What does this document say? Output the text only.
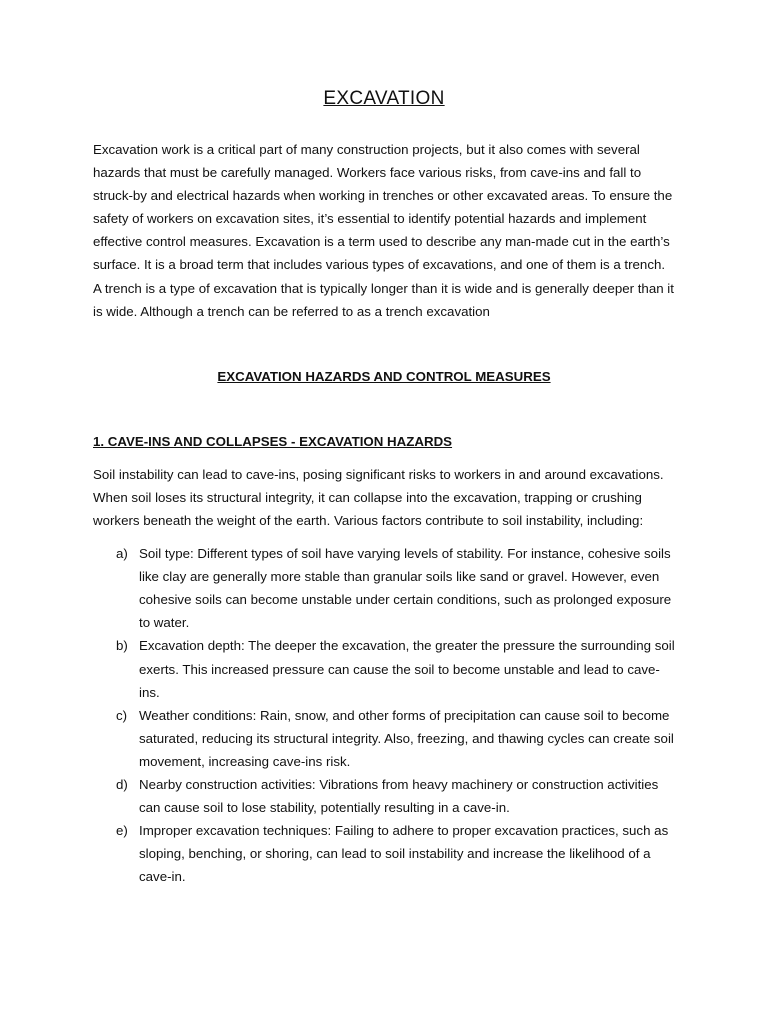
EXCAVATION

Excavation work is a critical part of many construction projects, but it also comes with several hazards that must be carefully managed. Workers face various risks, from cave-ins and fall to struck-by and electrical hazards when working in trenches or other excavated areas. To ensure the safety of workers on excavation sites, it’s essential to identify potential hazards and implement effective control measures. Excavation is a term used to describe any man-made cut in the earth’s surface. It is a broad term that includes various types of excavations, and one of them is a trench. A trench is a type of excavation that is typically longer than it is wide and is generally deeper than it is wide. Although a trench can be referred to as a trench excavation

EXCAVATION HAZARDS AND CONTROL MEASURES
1. CAVE-INS AND COLLAPSES - EXCAVATION HAZARDS

Soil instability can lead to cave-ins, posing significant risks to workers in and around excavations. When soil loses its structural integrity, it can collapse into the excavation, trapping or crushing workers beneath the weight of the earth. Various factors contribute to soil instability, including:

a) Soil type: Different types of soil have varying levels of stability. For instance, cohesive soils like clay are generally more stable than granular soils like sand or gravel. However, even cohesive soils can become unstable under certain conditions, such as prolonged exposure to water.
b) Excavation depth: The deeper the excavation, the greater the pressure the surrounding soil exerts. This increased pressure can cause the soil to become unstable and lead to cave-ins.
c) Weather conditions: Rain, snow, and other forms of precipitation can cause soil to become saturated, reducing its structural integrity. Also, freezing, and thawing cycles can create soil movement, increasing cave-ins risk.
d) Nearby construction activities: Vibrations from heavy machinery or construction activities can cause soil to lose stability, potentially resulting in a cave-in.
e) Improper excavation techniques: Failing to adhere to proper excavation practices, such as sloping, benching, or shoring, can lead to soil instability and increase the likelihood of a cave-in.
